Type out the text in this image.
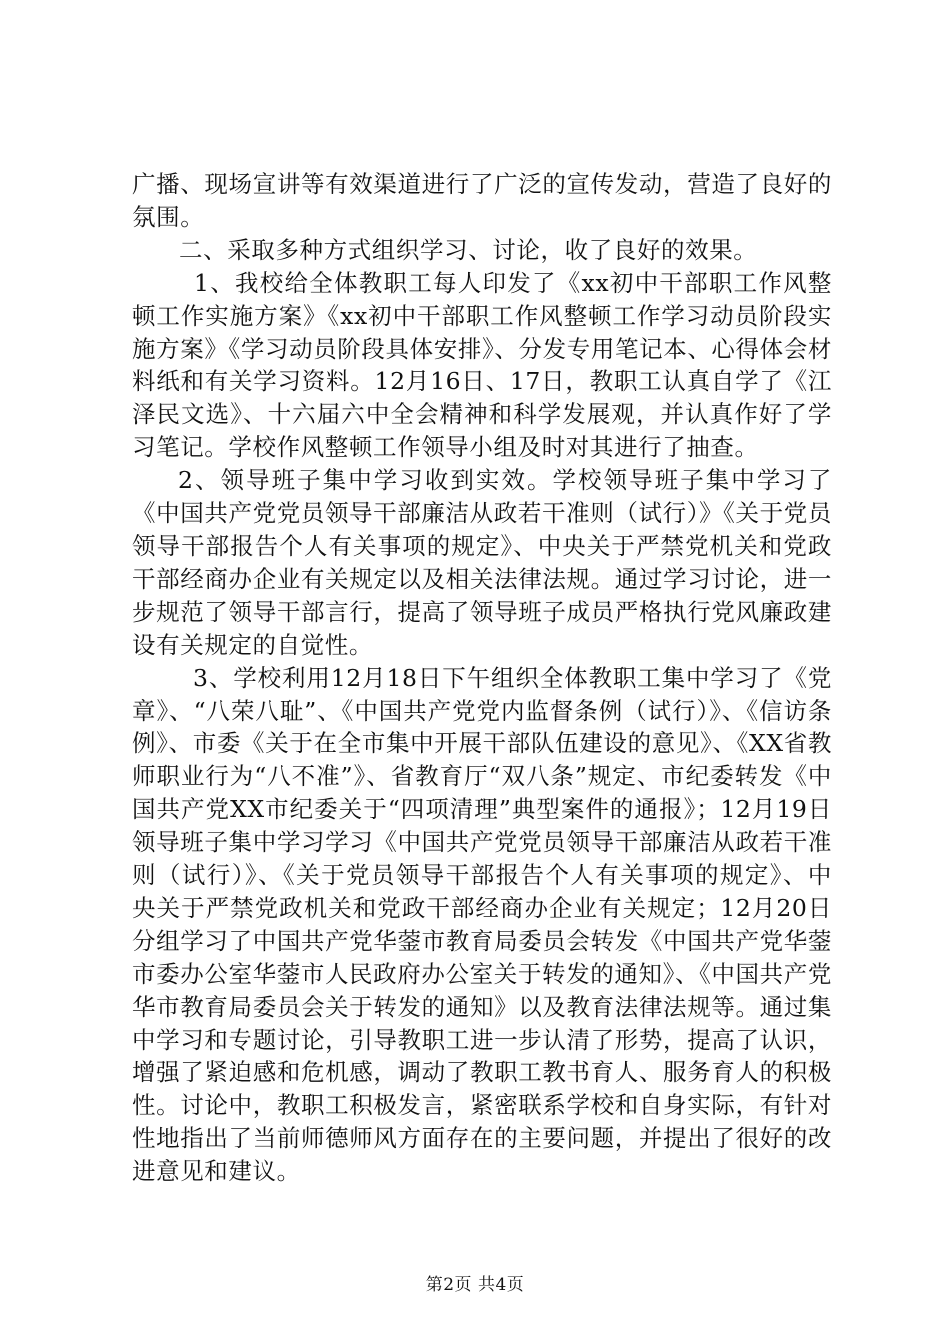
广播、现场宣讲等有效渠道进行了广泛的宣传发动，营造了良好的氛围。

二、采取多种方式组织学习、讨论，收了良好的效果。

1、我校给全体教职工每人印发了《xx初中干部职工作风整顿工作实施方案》《xx初中干部职工作风整顿工作学习动员阶段实施方案》《学习动员阶段具体安排》、分发专用笔记本、心得体会材料纸和有关学习资料。12月16日、17日，教职工认真自学了《江泽民文选》、十六届六中全会精神和科学发展观，并认真作好了学习笔记。学校作风整顿工作领导小组及时对其进行了抽查。

2、领导班子集中学习收到实效。学校领导班子集中学习了《中国共产党党员领导干部廉洁从政若干准则（试行）》《关于党员领导干部报告个人有关事项的规定》、中央关于严禁党机关和党政干部经商办企业有关规定以及相关法律法规。通过学习讨论，进一步规范了领导干部言行，提高了领导班子成员严格执行党风廉政建设有关规定的自觉性。

3、学校利用12月18日下午组织全体教职工集中学习了《党章》、“八荣八耻”、《中国共产党党内监督条例（试行）》、《信访条例》、市委《关于在全市集中开展干部队伍建设的意见》、《XX省教师职业行为“八不准”》、省教育厅“双八条”规定、市纪委转发《中国共产党XX市纪委关于“四项清理”典型案件的通报》；12月19日领导班子集中学习学习《中国共产党党员领导干部廉洁从政若干准则（试行）》、《关于党员领导干部报告个人有关事项的规定》、中央关于严禁党政机关和党政干部经商办企业有关规定；12月20日分组学习了中国共产党华蓥市教育局委员会转发《中国共产党华蓥市委办公室华蓥市人民政府办公室关于转发的通知》、《中国共产党华市教育局委员会关于转发的通知》以及教育法律法规等。通过集中学习和专题讨论，引导教职工进一步认清了形势，提高了认识，增强了紧迫感和危机感，调动了教职工教书育人、服务育人的积极性。讨论中，教职工积极发言，紧密联系学校和自身实际，有针对性地指出了当前师德师风方面存在的主要问题，并提出了很好的改进意见和建议。

第2页 共4页
